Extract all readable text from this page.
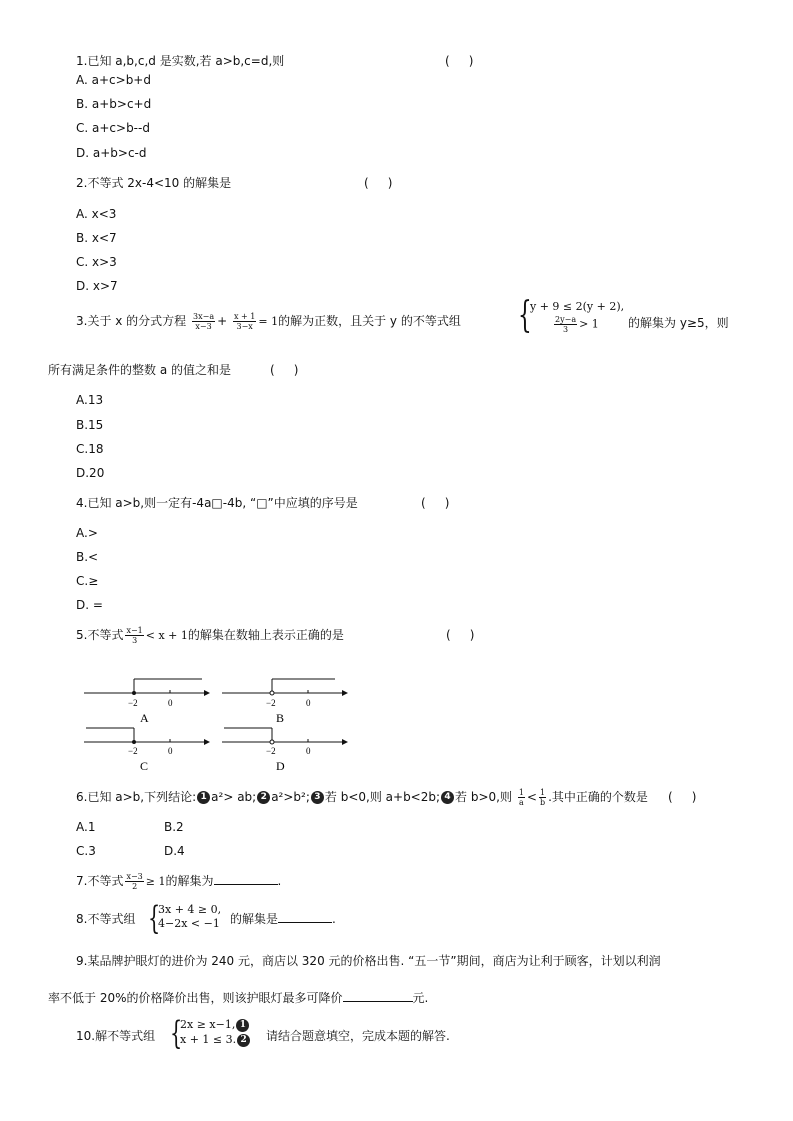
1.已知 a,b,c,d 是实数,若 a>b,c=d,则	(     )
A. a+c>b+d
B. a+b>c+d
C. a+c>b--d
D. a+b>c-d
2.不等式 2x-4<10 的解集是	(     )
A. x<3
B. x<7
C. x>3
D. x>7
3.关于 x 的分式方程 $\frac{3x-a}{x-3} + \frac{x + 1}{3-x} = 1$的解为正数，且关于 y 的不等式组 {
y + 9 ≤ 2(y + 2),
$\frac{2y-a}{3} > 1$ 的解集为 y≥5，则
所有满足条件的整数 a 的值之和是	(     )
A.13
B.15
C.18
D.20
4.已知 a>b,则一定有-4a□-4b, “□”中应填的序号是	(     )
A.>
B.<
C.≥
D. =
5.不等式 $\frac{x-1}{3} < x + 1$的解集在数轴上表示正确的是	(     )
−2	0
A
−2	0
B
−2	0
C
−2	0
D
6.已知 a>b,下列结论: 1 a²> ab; 2 a²>b²; 3 若 b<0,则 a+b<2b; 4 若 b>0,则 $\frac{1}{a} < \frac{1}{b}$ .其中正确的个数是 (     )
A.1	B.2
C.3	D.4
7.不等式 $\frac{x-3}{2} \ge 1$的解集为	.
8.不等式组 {
3x + 4 ≥ 0,
4−2x < −1 的解集是	.
9.某品牌护眼灯的进价为 240 元，商店以 320 元的价格出售. “五一节”期间，商店为让利于顾客，计划以利润
率不低于 20%的价格降价出售，则该护眼灯最多可降价	元.
10.解不等式组 {
2x ≥ x−1, 1
x + 1 ≤ 3. 2	请结合题意填空，完成本题的解答.
